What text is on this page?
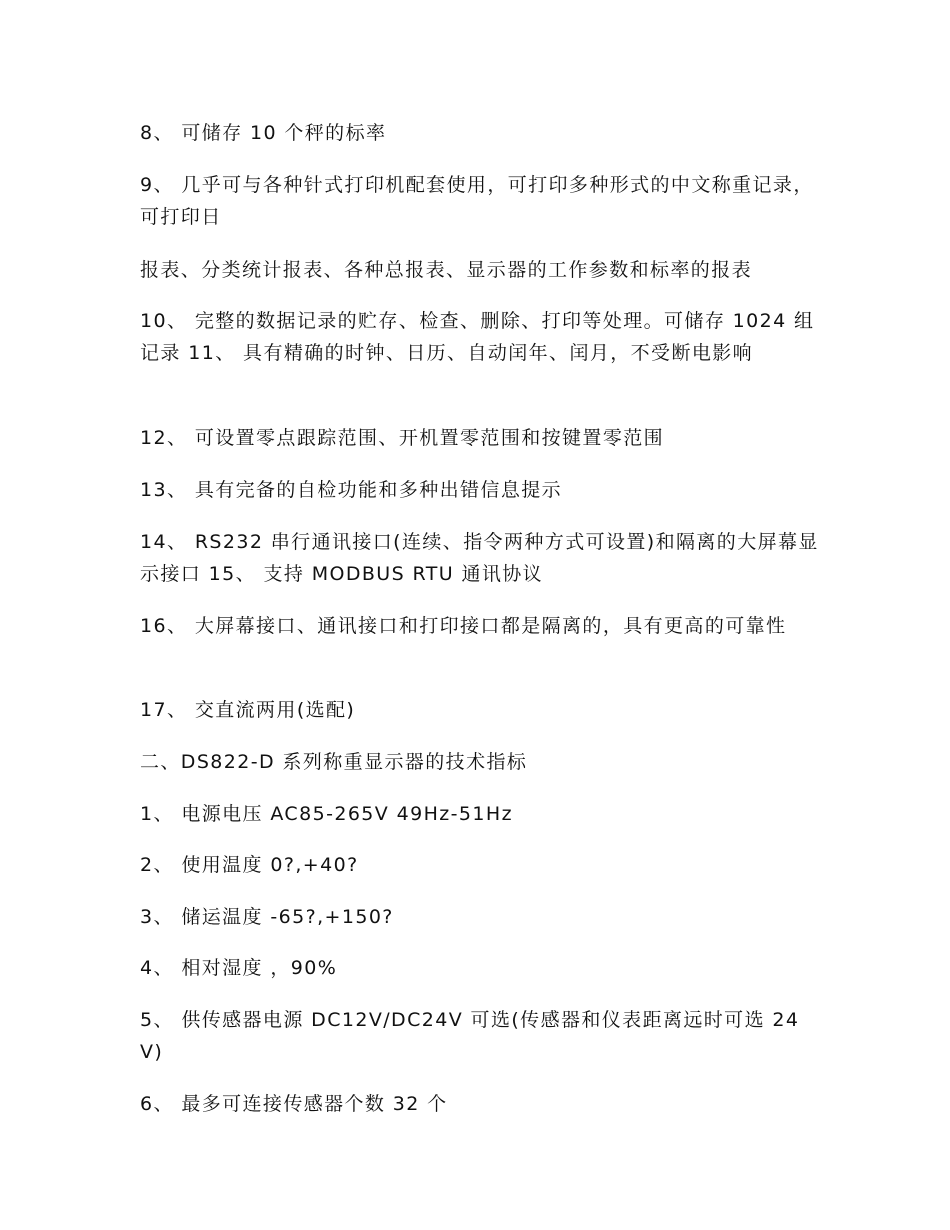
8、 可储存 10 个秤的标率
9、 几乎可与各种针式打印机配套使用，可打印多种形式的中文称重记录，可打印日
报表、分类统计报表、各种总报表、显示器的工作参数和标率的报表
10、 完整的数据记录的贮存、检查、删除、打印等处理。可储存 1024 组记录 11、 具有精确的时钟、日历、自动闰年、闰月，不受断电影响
12、 可设置零点跟踪范围、开机置零范围和按键置零范围
13、 具有完备的自检功能和多种出错信息提示
14、 RS232 串行通讯接口(连续、指令两种方式可设置)和隔离的大屏幕显示接口 15、 支持 MODBUS RTU 通讯协议
16、 大屏幕接口、通讯接口和打印接口都是隔离的，具有更高的可靠性
17、 交直流两用(选配)
二、DS822-D 系列称重显示器的技术指标
1、 电源电压 AC85-265V 49Hz-51Hz
2、 使用温度 0?,+40?
3、 储运温度 -65?,+150?
4、 相对湿度 ，90%
5、 供传感器电源 DC12V/DC24V 可选(传感器和仪表距离远时可选 24V)
6、 最多可连接传感器个数 32 个
